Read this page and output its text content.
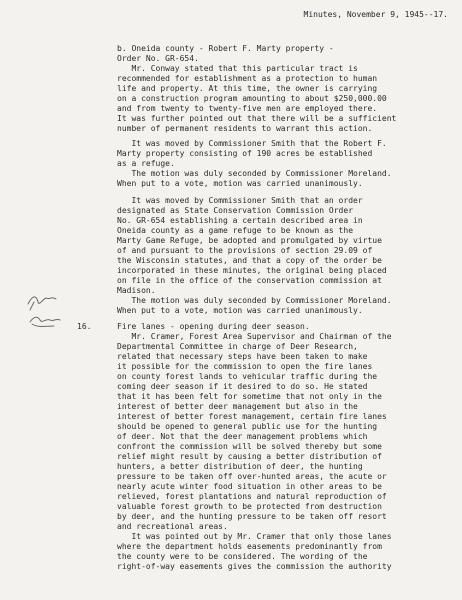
Minutes, November 9, 1945--17.
b. Oneida county - Robert F. Marty property -
Order No. GR-654.
Mr. Conway stated that this particular tract is
recommended for establishment as a protection to human
life and property. At this time, the owner is carrying
on a construction program amounting to about $250,000.00
and from twenty to twenty-five men are employed there.
It was further pointed out that there will be a sufficient
number of permanent residents to warrant this action.
It was moved by Commissioner Smith that the Robert F.
Marty property consisting of 190 acres be established
as a refuge.
The motion was duly seconded by Commissioner Moreland.
When put to a vote, motion was carried unanimously.
It was moved by Commissioner Smith that an order
designated as State Conservation Commission Order
No. GR-654 establishing a certain described area in
Oneida county as a game refuge to be known as the
Marty Game Refuge, be adopted and promulgated by virtue
of and pursuant to the provisions of section 29.09 of
the Wisconsin statutes, and that a copy of the order be
incorporated in these minutes, the original being placed
on file in the office of the conservation commission at
Madison.
The motion was duly seconded by Commissioner Moreland.
When put to a vote, motion was carried unanimously.
16.	Fire lanes - opening during deer season.
Mr. Cramer, Forest Area Supervisor and Chairman of the
Departmental Committee in charge of Deer Research,
related that necessary steps have been taken to make
it possible for the commission to open the fire lanes
on county forest lands to vehicular traffic during the
coming deer season if it desired to do so. He stated
that it has been felt for sometime that not only in the
interest of better deer management but also in the
interest of better forest management, certain fire lanes
should be opened to general public use for the hunting
of deer. Not that the deer management problems which
confront the commission will be solved thereby but some
relief might result by causing a better distribution of
hunters, a better distribution of deer, the hunting
pressure to be taken off over-hunted areas, the acute or
nearly acute winter food situation in other areas to be
relieved, forest plantations and natural reproduction of
valuable forest growth to be protected from destruction
by deer, and the hunting pressure to be taken off resort
and recreational areas.
It was pointed out by Mr. Cramer that only those lanes
where the department holds easements predominantly from
the county were to be considered. The wording of the
right-of-way easements gives the commission the authority
